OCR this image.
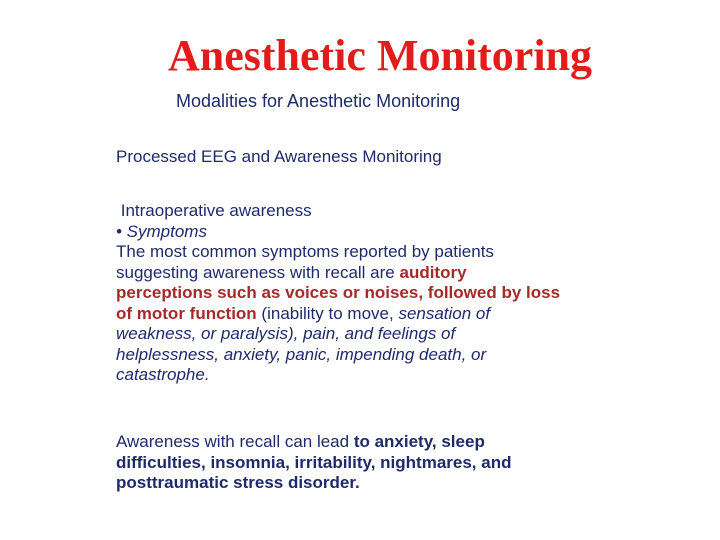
Anesthetic Monitoring
Modalities for Anesthetic Monitoring
Processed EEG and Awareness Monitoring
Intraoperative awareness
• Symptoms
The most common symptoms reported by patients
suggesting awareness with recall are auditory
perceptions such as voices or noises, followed by loss
of motor function (inability to move, sensation of
weakness, or paralysis), pain, and feelings of
helplessness, anxiety, panic, impending death, or
catastrophe.
Awareness with recall can lead to anxiety, sleep
difficulties, insomnia, irritability, nightmares, and
posttraumatic stress disorder.
